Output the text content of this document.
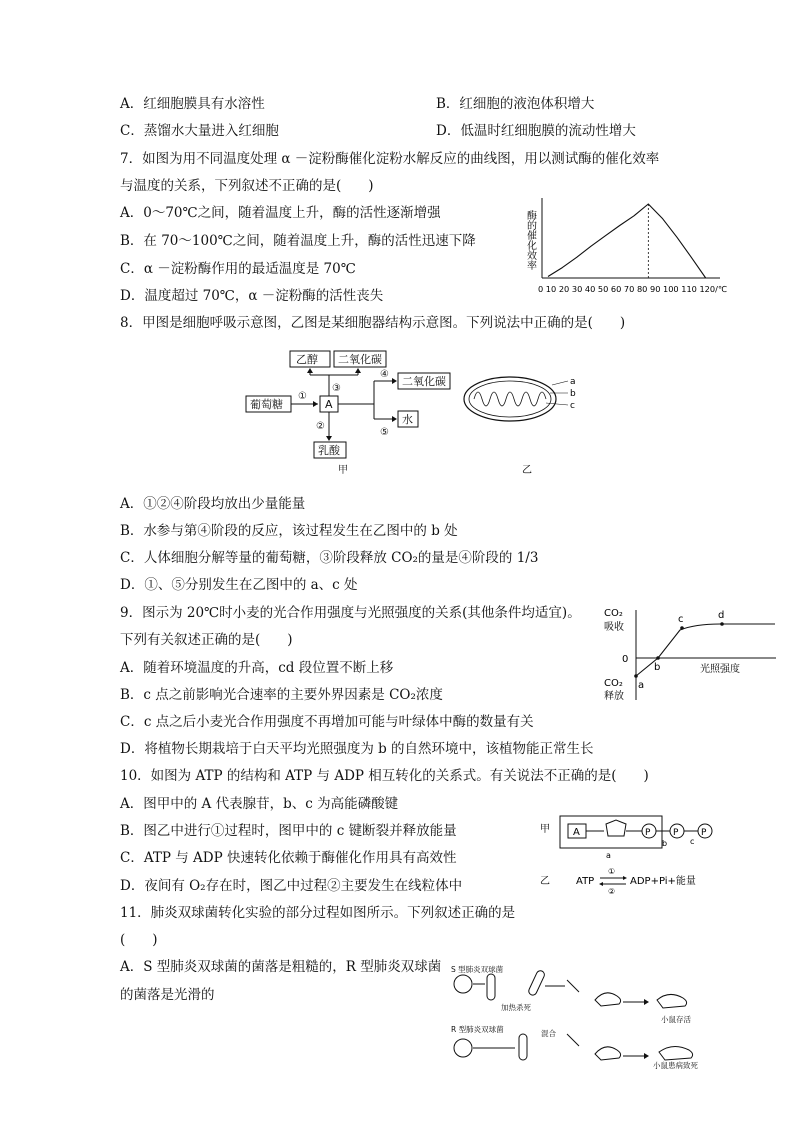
A．红细胞膜具有水溶性	B．红细胞的液泡体积增大
C．蒸馏水大量进入红细胞	D．低温时红细胞膜的流动性增大
7．如图为用不同温度处理 α －淀粉酶催化淀粉水解反应的曲线图，用以测试酶的催化效率
与温度的关系，下列叙述不正确的是(　　)
A．0～70℃之间，随着温度上升，酶的活性逐渐增强
B．在 70～100℃之间，随着温度上升，酶的活性迅速下降
C．α －淀粉酶作用的最适温度是 70℃
D．温度超过 70℃，α －淀粉酶的活性丧失
酶的催化效率
0 10 20 30 40 50 60 70 80 90 100 110 120/℃
8．甲图是细胞呼吸示意图，乙图是某细胞器结构示意图。下列说法中正确的是(　　)
乙醇 二氧化碳
葡萄糖	A
二氧化碳
水
乳酸
①
③
④
⑤
②
甲
a
b
c
乙
A．①②④阶段均放出少量能量
B．水参与第④阶段的反应，该过程发生在乙图中的 b 处
C．人体细胞分解等量的葡萄糖，③阶段释放 CO₂的量是④阶段的 1/3
D．①、⑤分别发生在乙图中的 a、c 处
9．图示为 20℃时小麦的光合作用强度与光照强度的关系(其他条件均适宜)。
下列有关叙述正确的是(　　)
A．随着环境温度的升高，cd 段位置不断上移
B．c 点之前影响光合速率的主要外界因素是 CO₂浓度
C．c 点之后小麦光合作用强度不再增加可能与叶绿体中酶的数量有关
D．将植物长期栽培于白天平均光照强度为 b 的自然环境中，该植物能正常生长
CO₂
吸收
0
CO₂
释放
光照强度
a
b
c	d
10．如图为 ATP 的结构和 ATP 与 ADP 相互转化的关系式。有关说法不正确的是(　　)
A．图甲中的 A 代表腺苷，b、c 为高能磷酸键
B．图乙中进行①过程时，图甲中的 c 键断裂并释放能量
C．ATP 与 ADP 快速转化依赖于酶催化作用具有高效性
D．夜间有 O₂存在时，图乙中过程②主要发生在线粒体中
甲 A	P	P	P
a
b	c
乙	ATP
①
②
ADP+Pi+能量
11．肺炎双球菌转化实验的部分过程如图所示。下列叙述正确的是
(　　)
A．S 型肺炎双球菌的菌落是粗糙的，R 型肺炎双球菌
的菌落是光滑的
S 型肺炎双球菌
加热杀死
小鼠存活
混合
R 型肺炎双球菌
小鼠患病致死
